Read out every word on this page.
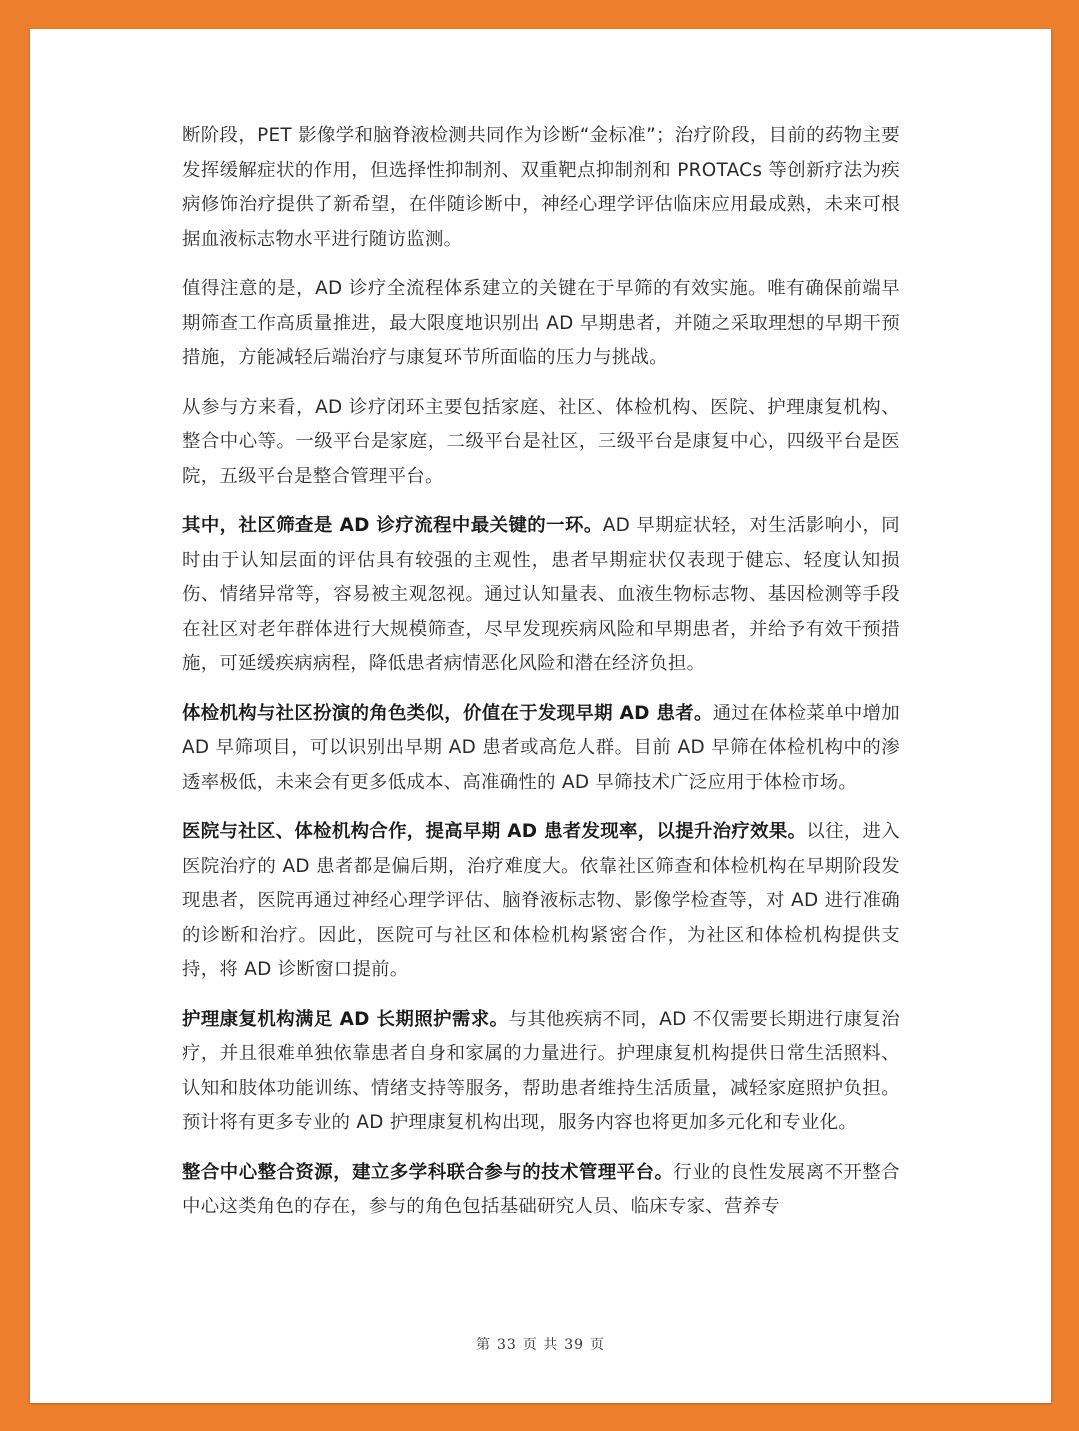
断阶段，PET 影像学和脑脊液检测共同作为诊断“金标准”；治疗阶段，目前的药物主要发挥缓解症状的作用，但选择性抑制剂、双重靶点抑制剂和 PROTACs 等创新疗法为疾病修饰治疗提供了新希望，在伴随诊断中，神经心理学评估临床应用最成熟，未来可根据血液标志物水平进行随访监测。

值得注意的是，AD 诊疗全流程体系建立的关键在于早筛的有效实施。唯有确保前端早期筛查工作高质量推进，最大限度地识别出 AD 早期患者，并随之采取理想的早期干预措施，方能减轻后端治疗与康复环节所面临的压力与挑战。

从参与方来看，AD 诊疗闭环主要包括家庭、社区、体检机构、医院、护理康复机构、整合中心等。一级平台是家庭，二级平台是社区，三级平台是康复中心，四级平台是医院，五级平台是整合管理平台。

其中，社区筛查是 AD 诊疗流程中最关键的一环。AD 早期症状轻，对生活影响小，同时由于认知层面的评估具有较强的主观性，患者早期症状仅表现于健忘、轻度认知损伤、情绪异常等，容易被主观忽视。通过认知量表、血液生物标志物、基因检测等手段在社区对老年群体进行大规模筛查，尽早发现疾病风险和早期患者，并给予有效干预措施，可延缓疾病病程，降低患者病情恶化风险和潜在经济负担。

体检机构与社区扮演的角色类似，价值在于发现早期 AD 患者。通过在体检菜单中增加 AD 早筛项目，可以识别出早期 AD 患者或高危人群。目前 AD 早筛在体检机构中的渗透率极低，未来会有更多低成本、高准确性的 AD 早筛技术广泛应用于体检市场。

医院与社区、体检机构合作，提高早期 AD 患者发现率，以提升治疗效果。以往，进入医院治疗的 AD 患者都是偏后期，治疗难度大。依靠社区筛查和体检机构在早期阶段发现患者，医院再通过神经心理学评估、脑脊液标志物、影像学检查等，对 AD 进行准确的诊断和治疗。因此，医院可与社区和体检机构紧密合作，为社区和体检机构提供支持，将 AD 诊断窗口提前。

护理康复机构满足 AD 长期照护需求。与其他疾病不同，AD 不仅需要长期进行康复治疗，并且很难单独依靠患者自身和家属的力量进行。护理康复机构提供日常生活照料、认知和肢体功能训练、情绪支持等服务，帮助患者维持生活质量，减轻家庭照护负担。预计将有更多专业的 AD 护理康复机构出现，服务内容也将更加多元化和专业化。

整合中心整合资源，建立多学科联合参与的技术管理平台。行业的良性发展离不开整合中心这类角色的存在，参与的角色包括基础研究人员、临床专家、营养专

第 33 页 共 39 页
